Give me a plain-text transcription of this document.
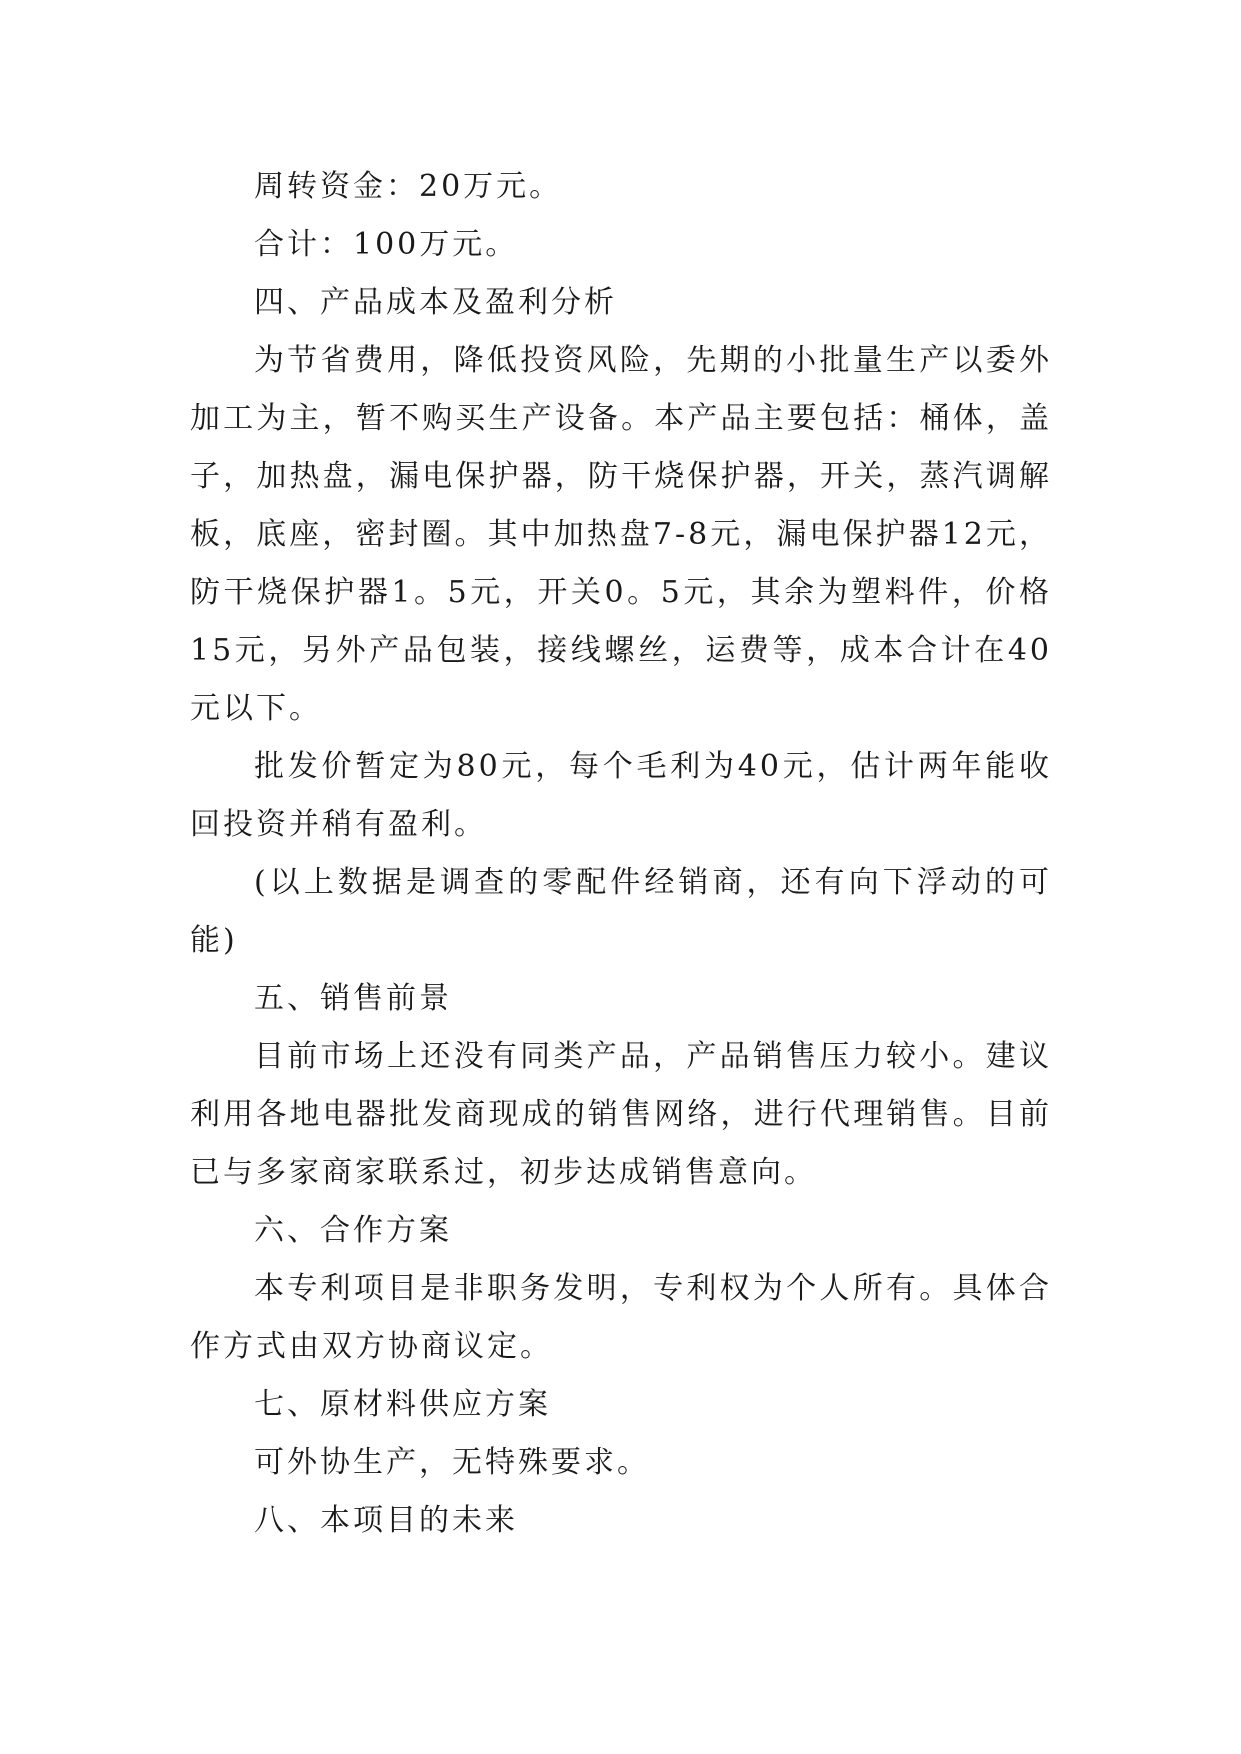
周转资金：20万元。

合计：100万元。

四、产品成本及盈利分析

为节省费用，降低投资风险，先期的小批量生产以委外加工为主，暂不购买生产设备。本产品主要包括：桶体，盖子，加热盘，漏电保护器，防干烧保护器，开关，蒸汽调解板，底座，密封圈。其中加热盘7-8元，漏电保护器12元，防干烧保护器1。5元，开关0。5元，其余为塑料件，价格15元，另外产品包装，接线螺丝，运费等，成本合计在40元以下。

批发价暂定为80元，每个毛利为40元，估计两年能收回投资并稍有盈利。

(以上数据是调查的零配件经销商，还有向下浮动的可能)

五、销售前景

目前市场上还没有同类产品，产品销售压力较小。建议利用各地电器批发商现成的销售网络，进行代理销售。目前已与多家商家联系过，初步达成销售意向。

六、合作方案

本专利项目是非职务发明，专利权为个人所有。具体合作方式由双方协商议定。

七、原材料供应方案

可外协生产，无特殊要求。

八、本项目的未来
